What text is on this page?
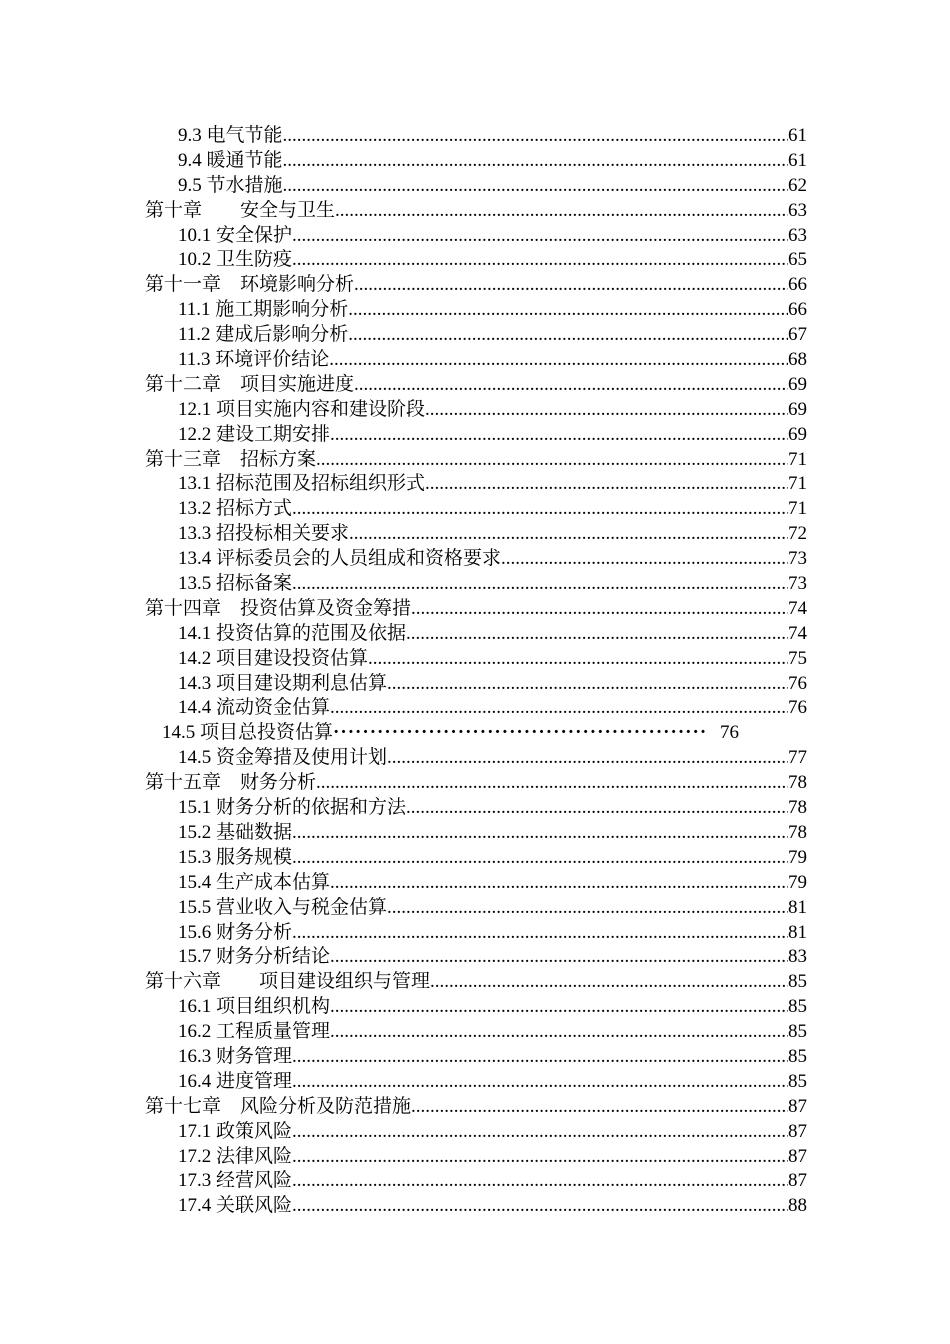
9.3 电气节能 .....	61
9.4 暖通节能 .....	61
9.5 节水措施 .....	62
第十章　　安全与卫生 .....	63
10.1 安全保护 .....	63
10.2 卫生防疫 .....	65
第十一章　环境影响分析 .....	66
11.1 施工期影响分析 .....	66
11.2 建成后影响分析 .....	67
11.3 环境评价结论 .....	68
第十二章　项目实施进度 .....	69
12.1 项目实施内容和建设阶段 .....	69
12.2 建设工期安排 .....	69
第十三章　招标方案 .....	71
13.1 招标范围及招标组织形式 .....	71
13.2 招标方式 .....	71
13.3 招投标相关要求 .....	72
13.4 评标委员会的人员组成和资格要求 .....	73
13.5 招标备案 .....	73
第十四章　投资估算及资金筹措 .....	74
14.1 投资估算的范围及依据 .....	74
14.2 项目建设投资估算 .....	75
14.3 项目建设期利息估算 .....	76
14.4 流动资金估算 .....	76
14.5 项目总投资估算 ·····	76
14.5 资金筹措及使用计划 .....	77
第十五章　财务分析 .....	78
15.1 财务分析的依据和方法 .....	78
15.2 基础数据 .....	78
15.3 服务规模 .....	79
15.4 生产成本估算 .....	79
15.5 营业收入与税金估算 .....	81
15.6 财务分析 .....	81
15.7 财务分析结论 .....	83
第十六章　　项目建设组织与管理 .....	85
16.1 项目组织机构 .....	85
16.2 工程质量管理 .....	85
16.3 财务管理 .....	85
16.4 进度管理 .....	85
第十七章　风险分析及防范措施 .....	87
17.1 政策风险 .....	87
17.2 法律风险 .....	87
17.3 经营风险 .....	87
17.4 关联风险 .....	88
